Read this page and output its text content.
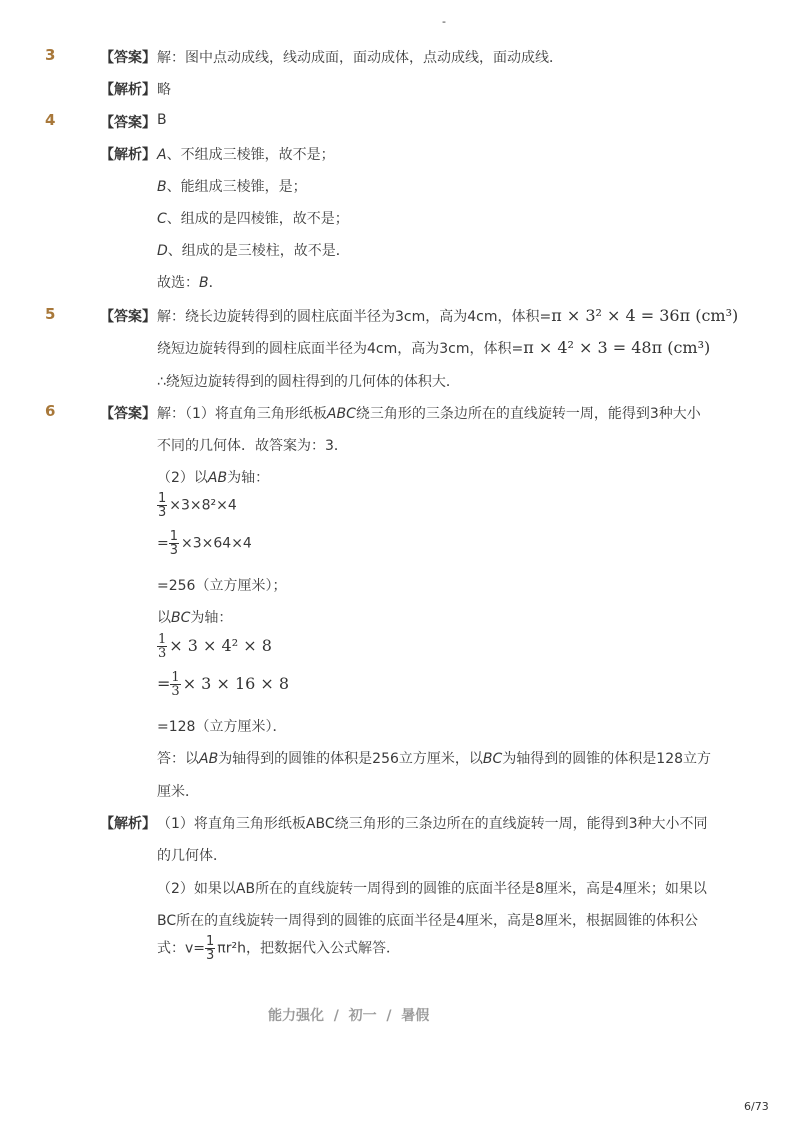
-
3	【答案】 解：图中点动成线，线动成面，面动成体，点动成线，面动成线．
【解析】 略
4	【答案】 B
【解析】 A、不组成三棱锥，故不是；
B、能组成三棱锥，是；
C、组成的是四棱锥，故不是；
D、组成的是三棱柱，故不是．
故选：B．
5	【答案】 解：绕长边旋转得到的圆柱底面半径为3cm，高为4cm，体积=π × 3² × 4 = 36π (cm³)
绕短边旋转得到的圆柱底面半径为4cm，高为3cm，体积=π × 4² × 3 = 48π (cm³)
∴绕短边旋转得到的圆柱得到的几何体的体积大．
6	【答案】 解：（1）将直角三角形纸板ABC绕三角形的三条边所在的直线旋转一周，能得到3种大小
不同的几何体．故答案为：3．
（2）以AB为轴：
$\frac{1}{3} \times 3\times 8^2\times 4$
= $\frac{1}{3} \times 3\times 64\times 4$
=256（立方厘米）；
以BC为轴：
$\frac{1}{3} \times 3 \times 4^2 \times 8$
= $\frac{1}{3} \times 3 \times 16 \times 8$
=128（立方厘米）．
答：以AB为轴得到的圆锥的体积是256立方厘米，以BC为轴得到的圆锥的体积是128立方
厘米．
【解析】 （1）将直角三角形纸板ABC绕三角形的三条边所在的直线旋转一周，能得到3种大小不同
的几何体．
（2）如果以AB所在的直线旋转一周得到的圆锥的底面半径是8厘米，高是4厘米；如果以
BC所在的直线旋转一周得到的圆锥的底面半径是4厘米，高是8厘米，根据圆锥的体积公
式：$v= \frac{1}{3} \pi r^2h$，把数据代入公式解答．
能力强化  /  初一  /  暑假
6/73
